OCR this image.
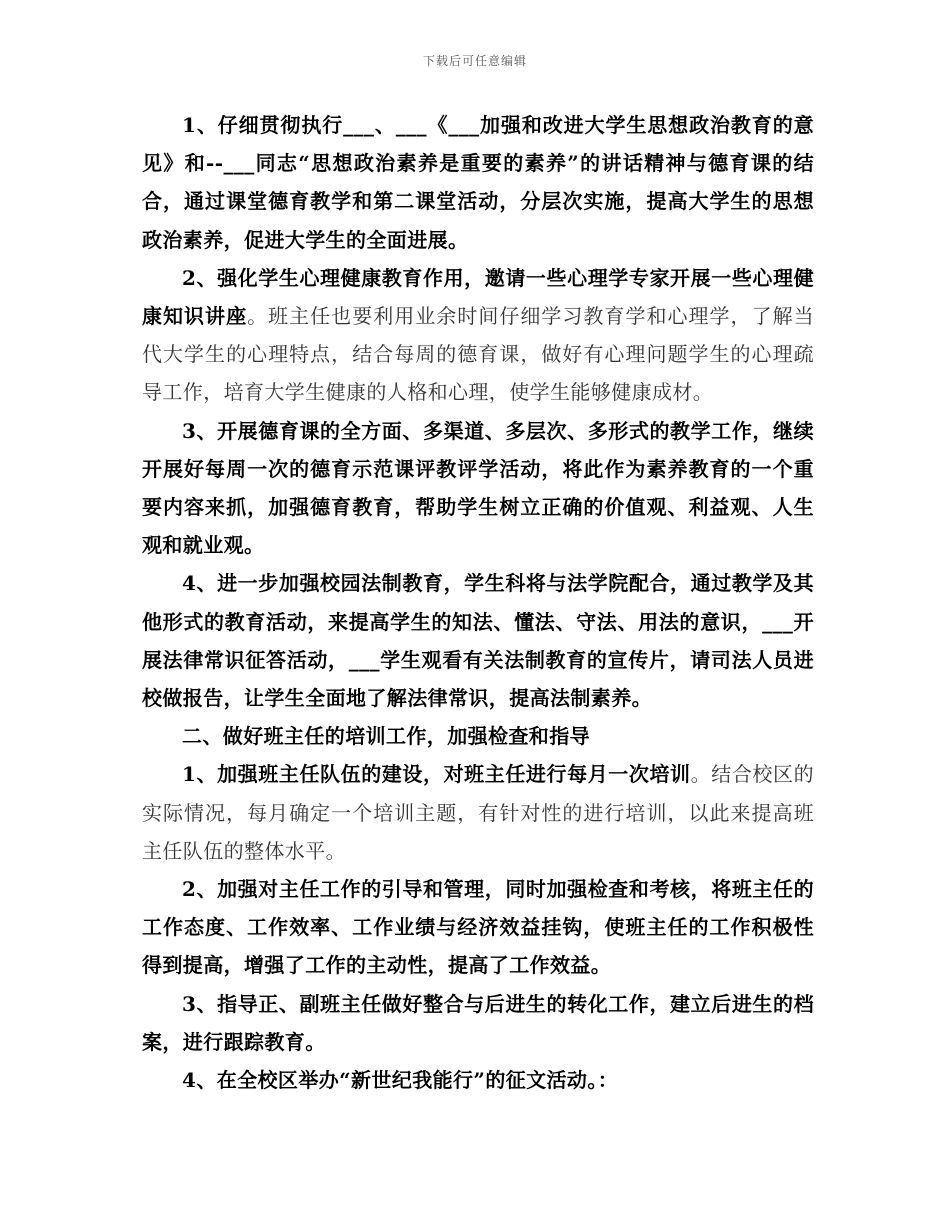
下载后可任意编辑

1、仔细贯彻执行___、___《___加强和改进大学生思想政治教育的意见》和--___同志“思想政治素养是重要的素养”的讲话精神与德育课的结合，通过课堂德育教学和第二课堂活动，分层次实施，提高大学生的思想政治素养，促进大学生的全面进展。

2、强化学生心理健康教育作用，邀请一些心理学专家开展一些心理健康知识讲座。班主任也要利用业余时间仔细学习教育学和心理学，了解当代大学生的心理特点，结合每周的德育课，做好有心理问题学生的心理疏导工作，培育大学生健康的人格和心理，使学生能够健康成材。

3、开展德育课的全方面、多渠道、多层次、多形式的教学工作，继续开展好每周一次的德育示范课评教评学活动，将此作为素养教育的一个重要内容来抓，加强德育教育，帮助学生树立正确的价值观、利益观、人生观和就业观。

4、进一步加强校园法制教育，学生科将与法学院配合，通过教学及其他形式的教育活动，来提高学生的知法、懂法、守法、用法的意识，___开展法律常识征答活动，___学生观看有关法制教育的宣传片，请司法人员进校做报告，让学生全面地了解法律常识，提高法制素养。

二、做好班主任的培训工作，加强检查和指导

1、加强班主任队伍的建设，对班主任进行每月一次培训。结合校区的实际情况，每月确定一个培训主题，有针对性的进行培训，以此来提高班主任队伍的整体水平。

2、加强对主任工作的引导和管理，同时加强检查和考核，将班主任的工作态度、工作效率、工作业绩与经济效益挂钩，使班主任的工作积极性得到提高，增强了工作的主动性，提高了工作效益。

3、指导正、副班主任做好整合与后进生的转化工作，建立后进生的档案，进行跟踪教育。

4、在全校区举办“新世纪我能行”的征文活动。：
